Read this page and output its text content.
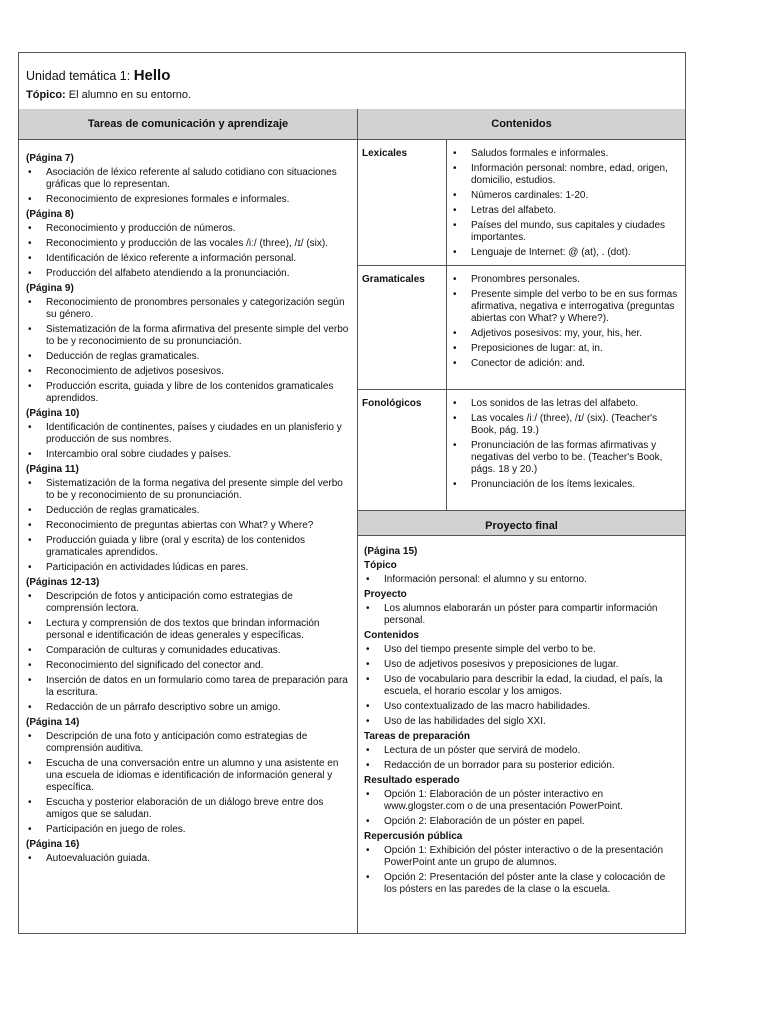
Unidad temática 1: Hello
Tópico: El alumno en su entorno.
Tareas de comunicación y aprendizaje
(Página 7)
• Asociación de léxico referente al saludo cotidiano con situaciones gráficas que lo representan.
• Reconocimiento de expresiones formales e informales.
(Página 8)
• Reconocimiento y producción de números.
• Reconocimiento y producción de las vocales /iː/ (three), /ɪ/ (six).
• Identificación de léxico referente a información personal.
• Producción del alfabeto atendiendo a la pronunciación.
(Página 9)
• Reconocimiento de pronombres personales y categorización según su género.
• Sistematización de la forma afirmativa del presente simple del verbo to be y reconocimiento de su pronunciación.
• Deducción de reglas gramaticales.
• Reconocimiento de adjetivos posesivos.
• Producción escrita, guiada y libre de los contenidos gramaticales aprendidos.
(Página 10)
• Identificación de continentes, países y ciudades en un planisferio y producción de sus nombres.
• Intercambio oral sobre ciudades y países.
(Página 11)
• Sistematización de la forma negativa del presente simple del verbo to be y reconocimiento de su pronunciación.
• Deducción de reglas gramaticales.
• Reconocimiento de preguntas abiertas con What? y Where?
• Producción guiada y libre (oral y escrita) de los contenidos gramaticales aprendidos.
• Participación en actividades lúdicas en pares.
(Páginas 12-13)
• Descripción de fotos y anticipación como estrategias de comprensión lectora.
• Lectura y comprensión de dos textos que brindan información personal e identificación de ideas generales y específicas.
• Comparación de culturas y comunidades educativas.
• Reconocimiento del significado del conector and.
• Inserción de datos en un formulario como tarea de preparación para la escritura.
• Redacción de un párrafo descriptivo sobre un amigo.
(Página 14)
• Descripción de una foto y anticipación como estrategias de comprensión auditiva.
• Escucha de una conversación entre un alumno y una asistente en una escuela de idiomas e identificación de información general y específica.
• Escucha y posterior elaboración de un diálogo breve entre dos amigos que se saludan.
• Participación en juego de roles.
(Página 16)
• Autoevaluación guiada.
Contenidos
Lexicales	• Saludos formales e informales.
• Información personal: nombre, edad, origen, domicilio, estudios.
• Números cardinales: 1-20.
• Letras del alfabeto.
• Países del mundo, sus capitales y ciudades importantes.
• Lenguaje de Internet: @ (at), . (dot).
Gramaticales	• Pronombres personales.
• Presente simple del verbo to be en sus formas afirmativa, negativa e interrogativa (preguntas abiertas con What? y Where?).
• Adjetivos posesivos: my, your, his, her.
• Preposiciones de lugar: at, in.
• Conector de adición: and.
Fonológicos	• Los sonidos de las letras del alfabeto.
• Las vocales /iː/ (three), /ɪ/ (six). (Teacher's Book, pág. 19.)
• Pronunciación de las formas afirmativas y negativas del verbo to be. (Teacher's Book, págs. 18 y 20.)
• Pronunciación de los ítems lexicales.
Proyecto final
(Página 15)
Tópico
• Información personal: el alumno y su entorno.
Proyecto
• Los alumnos elaborarán un póster para compartir información personal.
Contenidos
• Uso del tiempo presente simple del verbo to be.
• Uso de adjetivos posesivos y preposiciones de lugar.
• Uso de vocabulario para describir la edad, la ciudad, el país, la escuela, el horario escolar y los amigos.
• Uso contextualizado de las macro habilidades.
• Uso de las habilidades del siglo XXI.
Tareas de preparación
• Lectura de un póster que servirá de modelo.
• Redacción de un borrador para su posterior edición.
Resultado esperado
• Opción 1: Elaboración de un póster interactivo en www.glogster.com o de una presentación PowerPoint.
• Opción 2: Elaboración de un póster en papel.
Repercusión pública
• Opción 1: Exhibición del póster interactivo o de la presentación PowerPoint ante un grupo de alumnos.
• Opción 2: Presentación del póster ante la clase y colocación de los pósters en las paredes de la clase o la escuela.
